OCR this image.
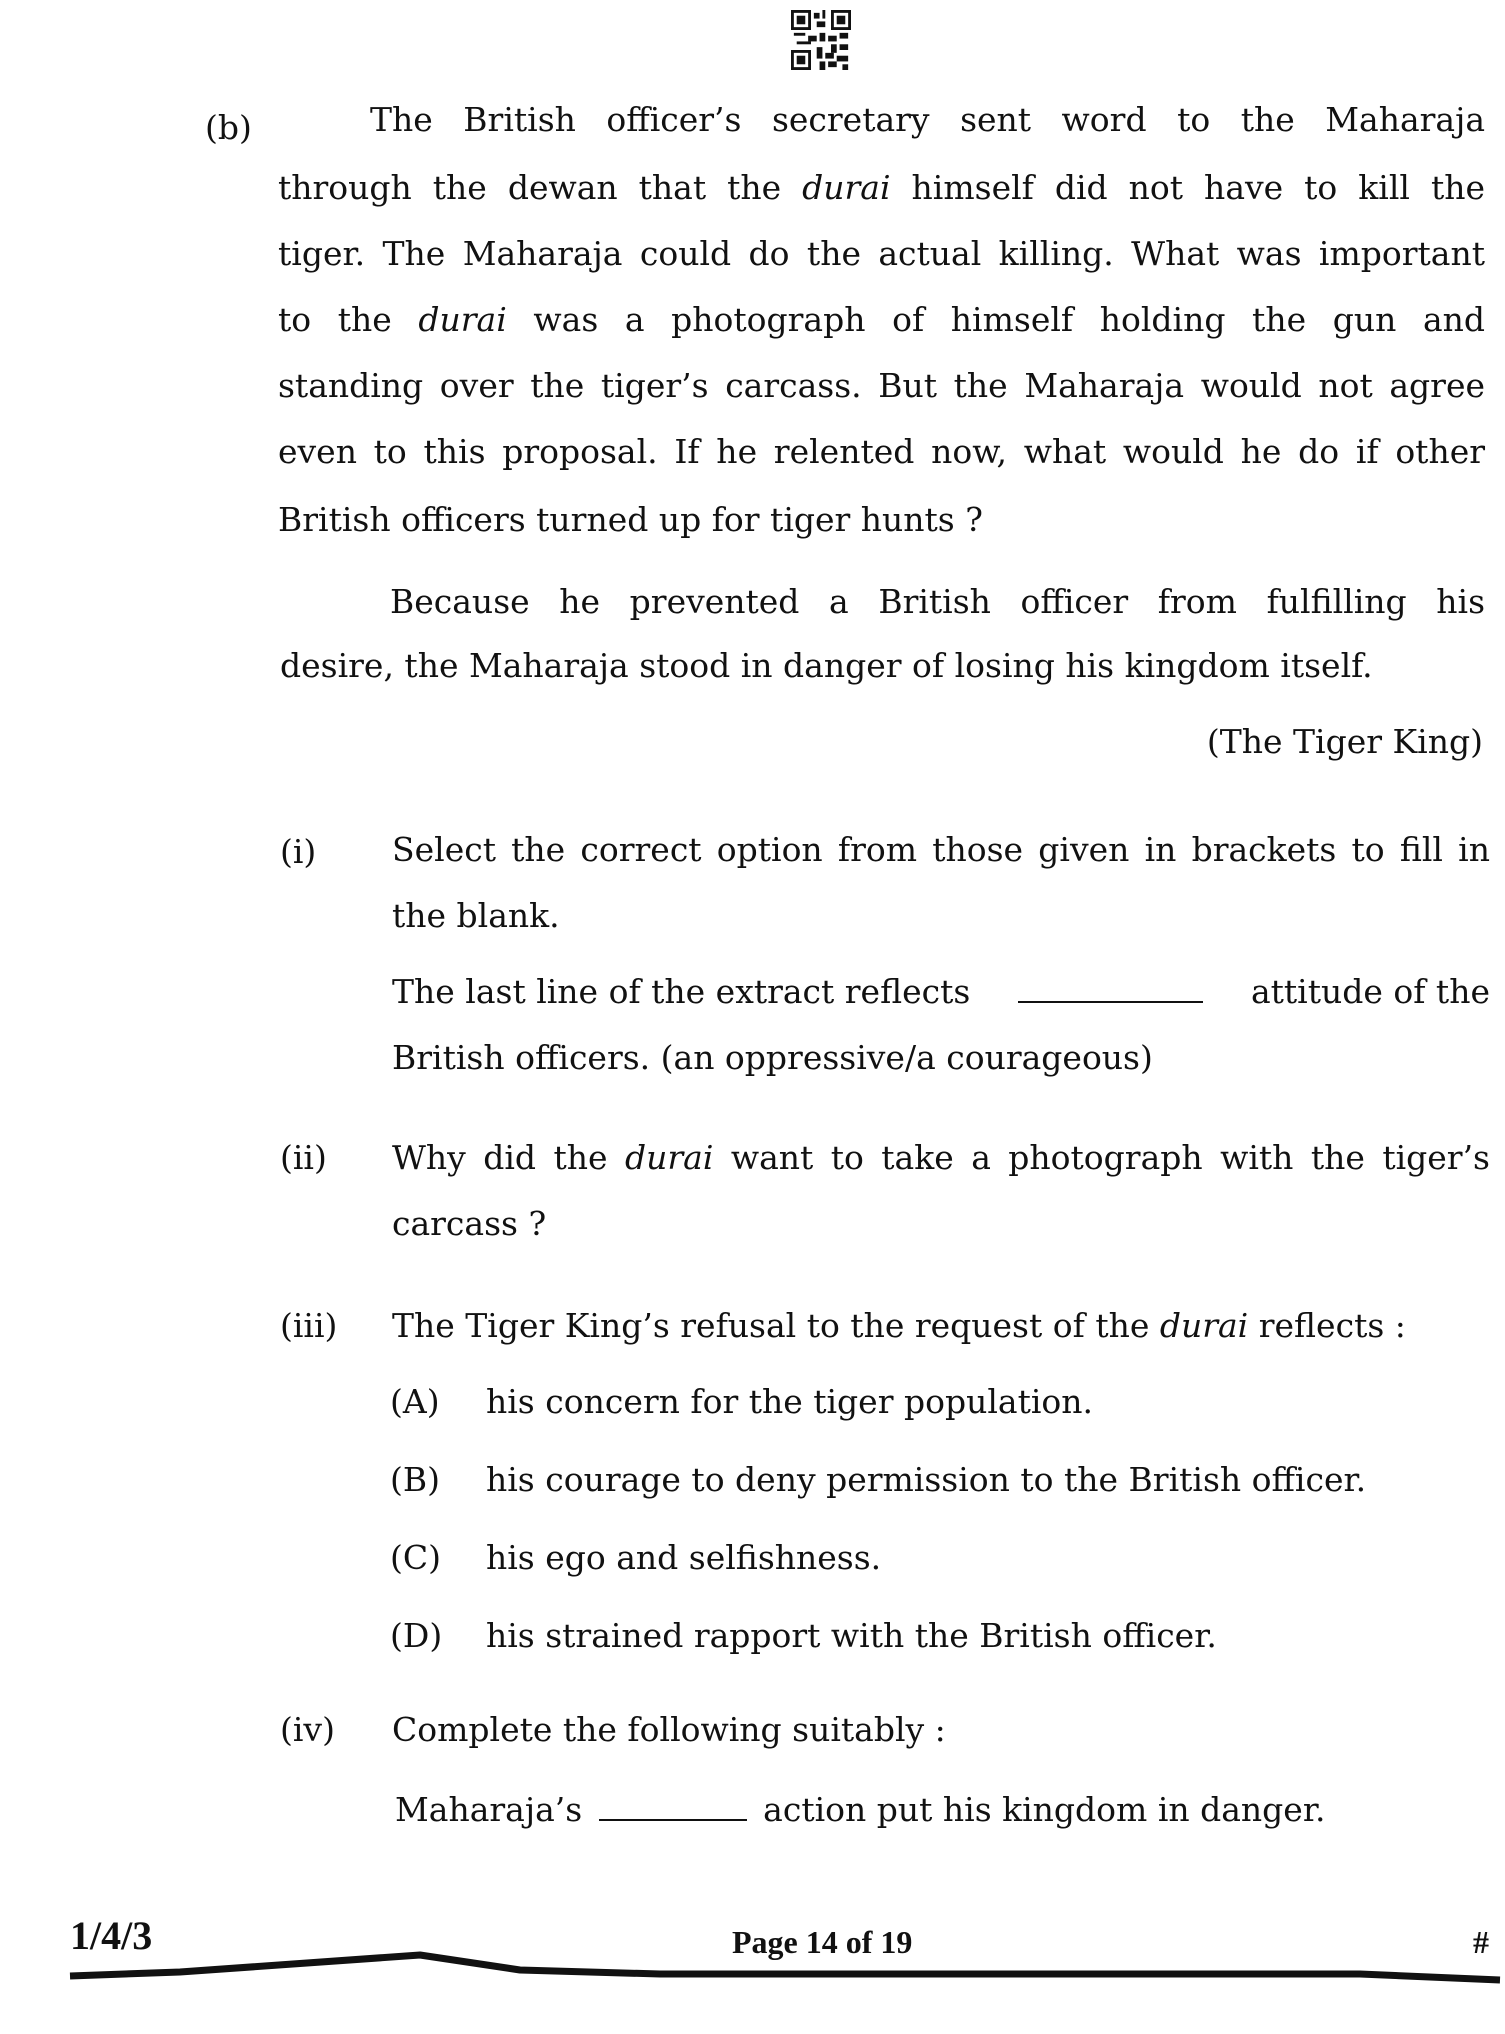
(b)	The British officer’s secretary sent word to the Maharaja
through the dewan that the durai himself did not have to kill the
tiger. The Maharaja could do the actual killing. What was important
to the durai was a photograph of himself holding the gun and
standing over the tiger’s carcass. But the Maharaja would not agree
even to this proposal. If he relented now, what would he do if other
British officers turned up for tiger hunts ?
Because he prevented a British officer from fulfilling his
desire, the Maharaja stood in danger of losing his kingdom itself.
(The Tiger King)
(i) Select the correct option from those given in brackets to fill in
the blank.
The last line of the extract reflects	attitude of the
British officers. (an oppressive/a courageous)
(ii) Why did the durai want to take a photograph with the tiger’s
carcass ?
(iii) The Tiger King’s refusal to the request of the durai reflects :
(A) his concern for the tiger population.
(B) his courage to deny permission to the British officer.
(C) his ego and selfishness.
(D) his strained rapport with the British officer.
(iv) Complete the following suitably :
Maharaja’s	action put his kingdom in danger.
1/4/3	Page 14 of 19	#
